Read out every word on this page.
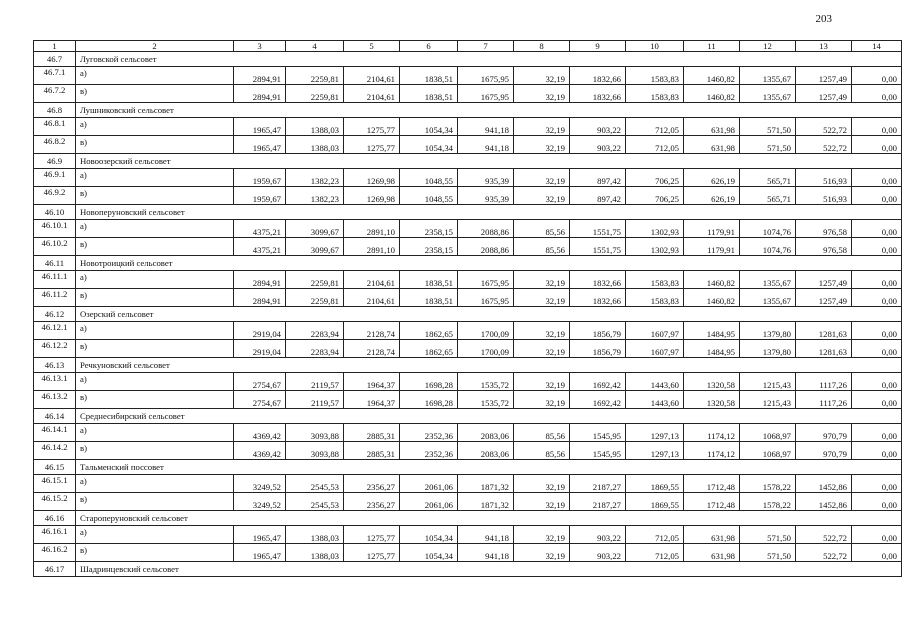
203
1	2	3	4	5	6	7	8	9	10	11	12	13	14
46.7	Луговской сельсовет												
46.7.1	а)	2894,91	2259,81	2104,61	1838,51	1675,95	32,19	1832,66	1583,83	1460,82	1355,67	1257,49	0,00
46.7.2	в)	2894,91	2259,81	2104,61	1838,51	1675,95	32,19	1832,66	1583,83	1460,82	1355,67	1257,49	0,00
46.8	Лушниковский сельсовет												
46.8.1	а)	1965,47	1388,03	1275,77	1054,34	941,18	32,19	903,22	712,05	631,98	571,50	522,72	0,00
46.8.2	в)	1965,47	1388,03	1275,77	1054,34	941,18	32,19	903,22	712,05	631,98	571,50	522,72	0,00
46.9	Новоозерский сельсовет												
46.9.1	а)	1959,67	1382,23	1269,98	1048,55	935,39	32,19	897,42	706,25	626,19	565,71	516,93	0,00
46.9.2	в)	1959,67	1382,23	1269,98	1048,55	935,39	32,19	897,42	706,25	626,19	565,71	516,93	0,00
46.10	Новоперуновский сельсовет												
46.10.1	а)	4375,21	3099,67	2891,10	2358,15	2088,86	85,56	1551,75	1302,93	1179,91	1074,76	976,58	0,00
46.10.2	в)	4375,21	3099,67	2891,10	2358,15	2088,86	85,56	1551,75	1302,93	1179,91	1074,76	976,58	0,00
46.11	Новотроицкий сельсовет												
46.11.1	а)	2894,91	2259,81	2104,61	1838,51	1675,95	32,19	1832,66	1583,83	1460,82	1355,67	1257,49	0,00
46.11.2	в)	2894,91	2259,81	2104,61	1838,51	1675,95	32,19	1832,66	1583,83	1460,82	1355,67	1257,49	0,00
46.12	Озерский сельсовет												
46.12.1	а)	2919,04	2283,94	2128,74	1862,65	1700,09	32,19	1856,79	1607,97	1484,95	1379,80	1281,63	0,00
46.12.2	в)	2919,04	2283,94	2128,74	1862,65	1700,09	32,19	1856,79	1607,97	1484,95	1379,80	1281,63	0,00
46.13	Речкуновский сельсовет												
46.13.1	а)	2754,67	2119,57	1964,37	1698,28	1535,72	32,19	1692,42	1443,60	1320,58	1215,43	1117,26	0,00
46.13.2	в)	2754,67	2119,57	1964,37	1698,28	1535,72	32,19	1692,42	1443,60	1320,58	1215,43	1117,26	0,00
46.14	Среднесибирский сельсовет												
46.14.1	а)	4369,42	3093,88	2885,31	2352,36	2083,06	85,56	1545,95	1297,13	1174,12	1068,97	970,79	0,00
46.14.2	в)	4369,42	3093,88	2885,31	2352,36	2083,06	85,56	1545,95	1297,13	1174,12	1068,97	970,79	0,00
46.15	Тальменский поссовет												
46.15.1	а)	3249,52	2545,53	2356,27	2061,06	1871,32	32,19	2187,27	1869,55	1712,48	1578,22	1452,86	0,00
46.15.2	в)	3249,52	2545,53	2356,27	2061,06	1871,32	32,19	2187,27	1869,55	1712,48	1578,22	1452,86	0,00
46.16	Староперуновский сельсовет												
46.16.1	а)	1965,47	1388,03	1275,77	1054,34	941,18	32,19	903,22	712,05	631,98	571,50	522,72	0,00
46.16.2	в)	1965,47	1388,03	1275,77	1054,34	941,18	32,19	903,22	712,05	631,98	571,50	522,72	0,00
46.17	Шадринцевский сельсовет												
